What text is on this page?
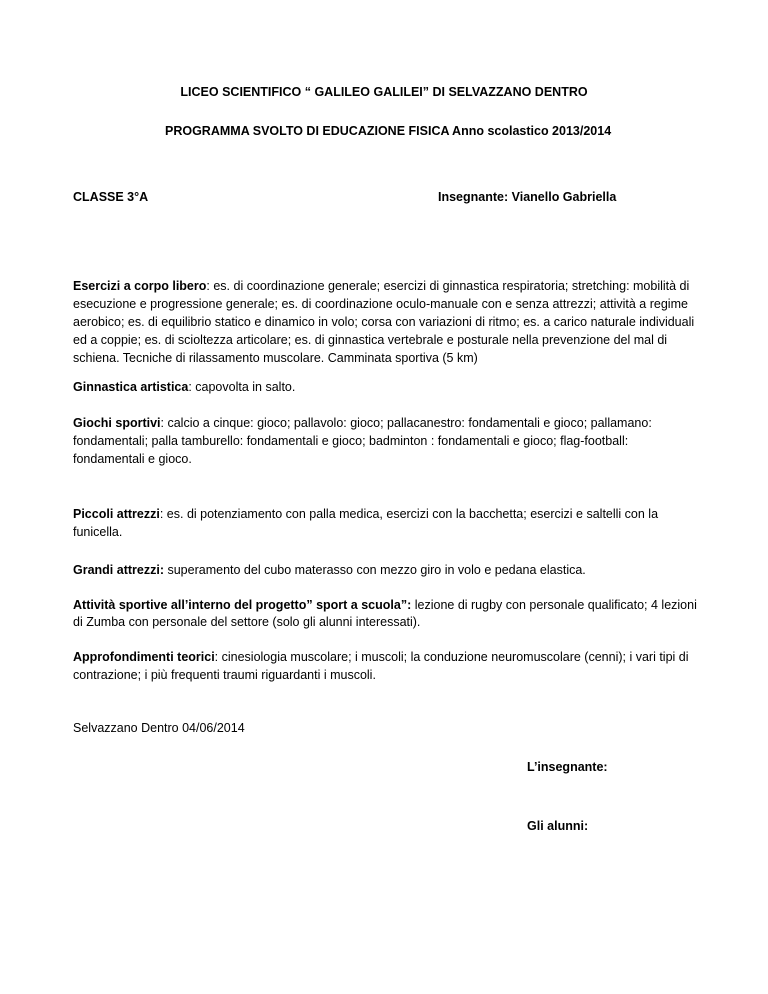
LICEO SCIENTIFICO “ GALILEO GALILEI” DI SELVAZZANO DENTRO
PROGRAMMA SVOLTO DI EDUCAZIONE FISICA Anno scolastico 2013/2014
CLASSE 3°A	Insegnante: Vianello Gabriella

Esercizi a corpo libero: es. di coordinazione generale; esercizi di ginnastica respiratoria; stretching: mobilità di esecuzione e progressione generale; es. di coordinazione oculo-manuale con e senza attrezzi; attività a regime aerobico; es. di equilibrio statico e dinamico in volo; corsa con variazioni di ritmo; es. a carico naturale individuali ed a coppie; es. di scioltezza articolare; es. di ginnastica vertebrale e posturale nella prevenzione del mal di schiena. Tecniche di rilassamento muscolare. Camminata sportiva (5 km)

Ginnastica artistica: capovolta in salto.

Giochi sportivi: calcio a cinque: gioco; pallavolo: gioco; pallacanestro: fondamentali e gioco; pallamano: fondamentali; palla tamburello: fondamentali e gioco; badminton : fondamentali e gioco; flag-football: fondamentali e gioco.

Piccoli attrezzi: es. di potenziamento con palla medica, esercizi con la bacchetta; esercizi e saltelli con la funicella.

Grandi attrezzi: superamento del cubo materasso con mezzo giro in volo e pedana elastica.

Attività sportive all’interno del progetto” sport a scuola”: lezione di rugby con personale qualificato; 4 lezioni di Zumba con personale del settore (solo gli alunni interessati).

Approfondimenti teorici: cinesiologia muscolare; i muscoli; la conduzione neuromuscolare (cenni); i vari tipi di contrazione; i più frequenti traumi riguardanti i muscoli.

Selvazzano Dentro 04/06/2014
L’insegnante:
Gli alunni:
